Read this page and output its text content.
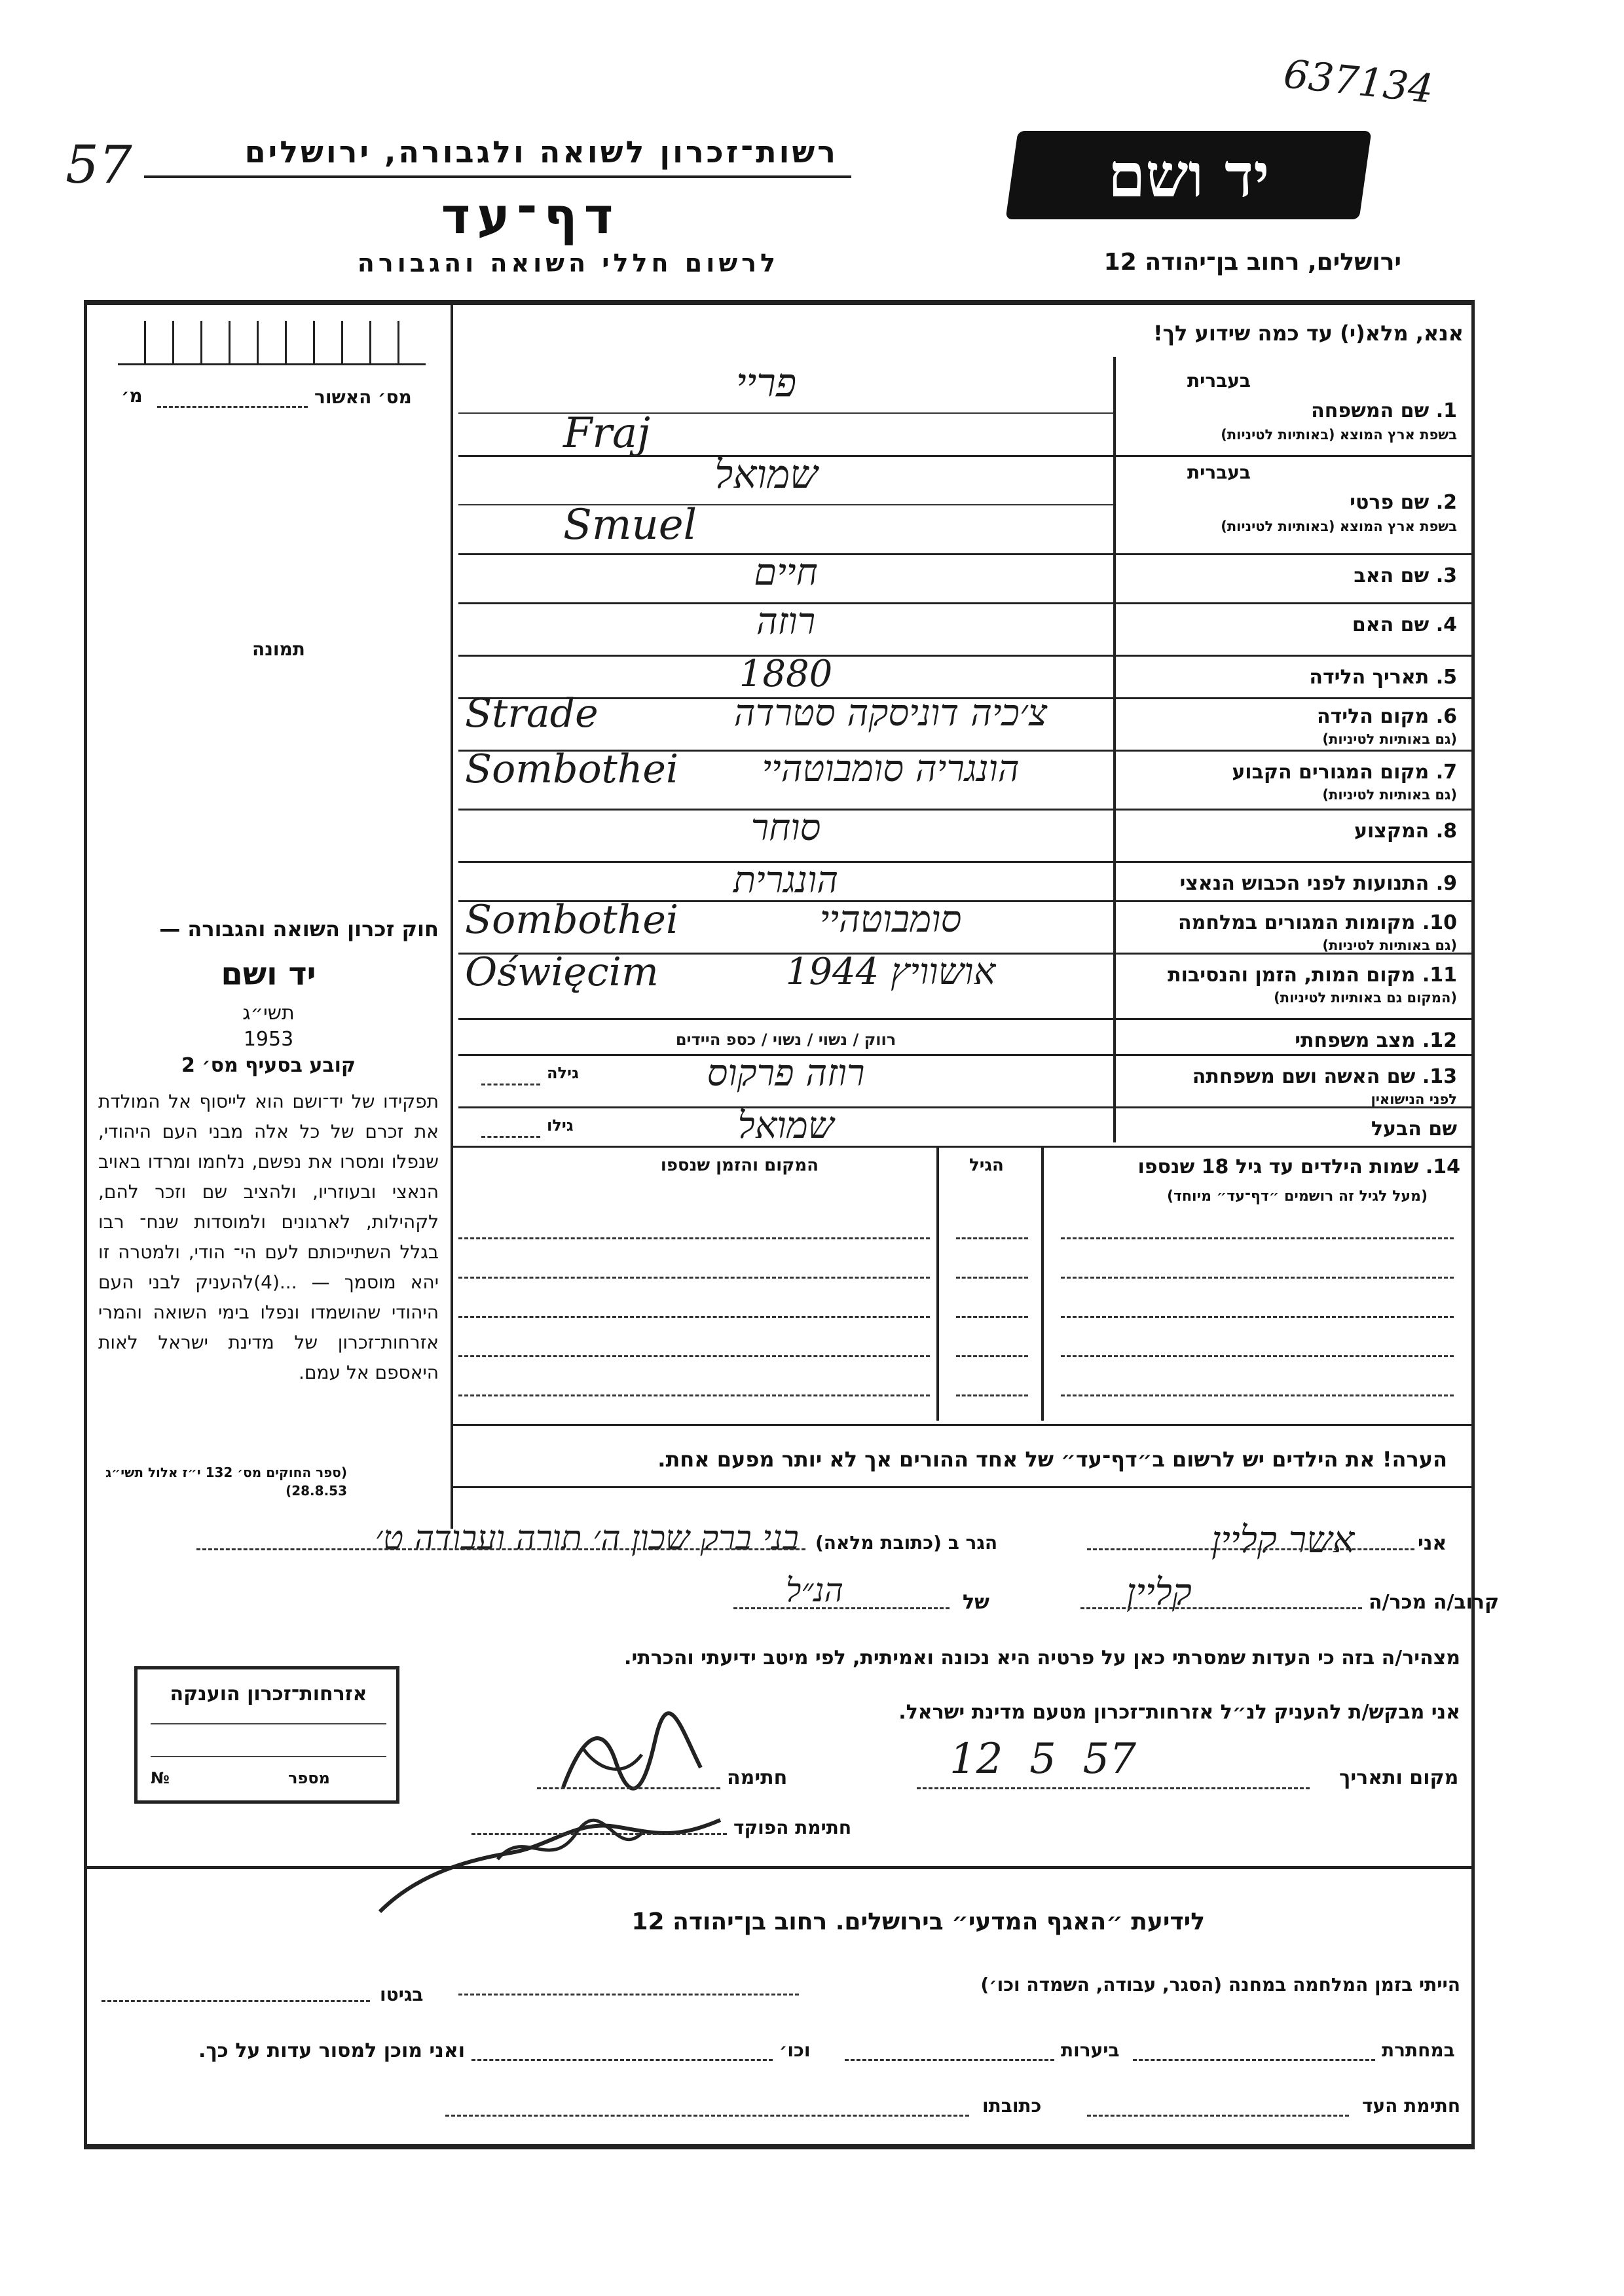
637134
57	רשות־זכרון לשואה ולגבורה, ירושלים
דף־עד
לרשום חללי השואה והגבורה
יד ושם
ירושלים, רחוב בן־יהודה 12
מס׳ האשור
מ׳
תמונה
אנא, מלא(י) עד כמה שידוע לך!
1. שם המשפחה
בעברית
בשפת ארץ המוצא (באותיות לטיניות)
פריי
Fraj
2. שם פרטי
בעברית
בשפת ארץ המוצא (באותיות לטיניות)
שמואל
Smuel
3. שם האב
חיים
4. שם האם
רוזה
5. תאריך הלידה
1880
6. מקום הלידה
(גם באותיות לטיניות)
Strade	צ׳כיה דוניסקה סטרדה
7. מקום המגורים הקבוע
(גם באותיות לטיניות)
Sombothei	הונגריה סומבוטהיי
8. המקצוע
סוחר
9. התנועות לפני הכבוש הנאצי
הונגרית
10. מקומות המגורים במלחמה
(גם באותיות לטיניות)
Sombothei	סומבוטהיי
11. מקום המות, הזמן והנסיבות
(המקום גם באותיות לטיניות)
Oświęcim	אושוויץ 1944
12. מצב משפחתי
רווק / נשוי / נשוי / כספ היידים
13. שם האשה ושם משפחתה
לפני הנישואין
רוזה פרקוס
גילה
שם הבעל
שמואל
גילו
14. שמות הילדים עד גיל 18 שנספו
(מעל לגיל זה רושמים ״דף־עד״ מיוחד)
הגיל
המקום והזמן שנספו
הערה! את הילדים יש לרשום ב״דף־עד״ של אחד ההורים אך לא יותר מפעם אחת.
חוק זכרון השואה והגבורה —
יד ושם
תשי״ג
1953
קובע בסעיף מס׳ 2
תפקידו של יד־ושם הוא לייסוף אל המולדת את זכרם של כל אלה מבני העם היהודי, שנפלו ומסרו את נפשם, נלחמו ומרדו באויב הנאצי ובעוזריו, ולהציב שם וזכר להם, לקהילות, לארגונים ולמוסדות שנח־ רבו בגלל השתייכותם לעם הי־ הודי, ולמטרה זו יהא מוסמך — ...(4)להעניק לבני העם היהודי שהושמדו ונפלו בימי השואה והמרי אזרחות־זכרון של מדינת ישראל לאות היאספם אל עמם.
(ספר החוקים מס׳ 132 י״ז אלול תשי״ג 28.8.53)
אני
אשר קליין
הגר ב (כתובת מלאה)
בני ברק שכון ה׳ תורה ועבודה ט׳
קרוב/ה מכר/ה
קליין
של
הנ״ל
מצהיר/ה בזה כי העדות שמסרתי כאן על פרטיה היא נכונה ואמיתית, לפי מיטב ידיעתי והכרתי.
אני מבקש/ת להעניק לנ״ל אזרחות־זכרון מטעם מדינת ישראל.
מקום ותאריך
12  5  57
חתימה
חתימת הפוקד
אזרחות־זכרון הוענקה
מספר
№
לידיעת ״האגף המדעי״ בירושלים. רחוב בן־יהודה 12
הייתי בזמן המלחמה במחנה (הסגר, עבודה, השמדה וכו׳)
בגיטו
במחתרת
ביערות
וכו׳
ואני מוכן למסור עדות על כך.
חתימת העד
כתובתו
